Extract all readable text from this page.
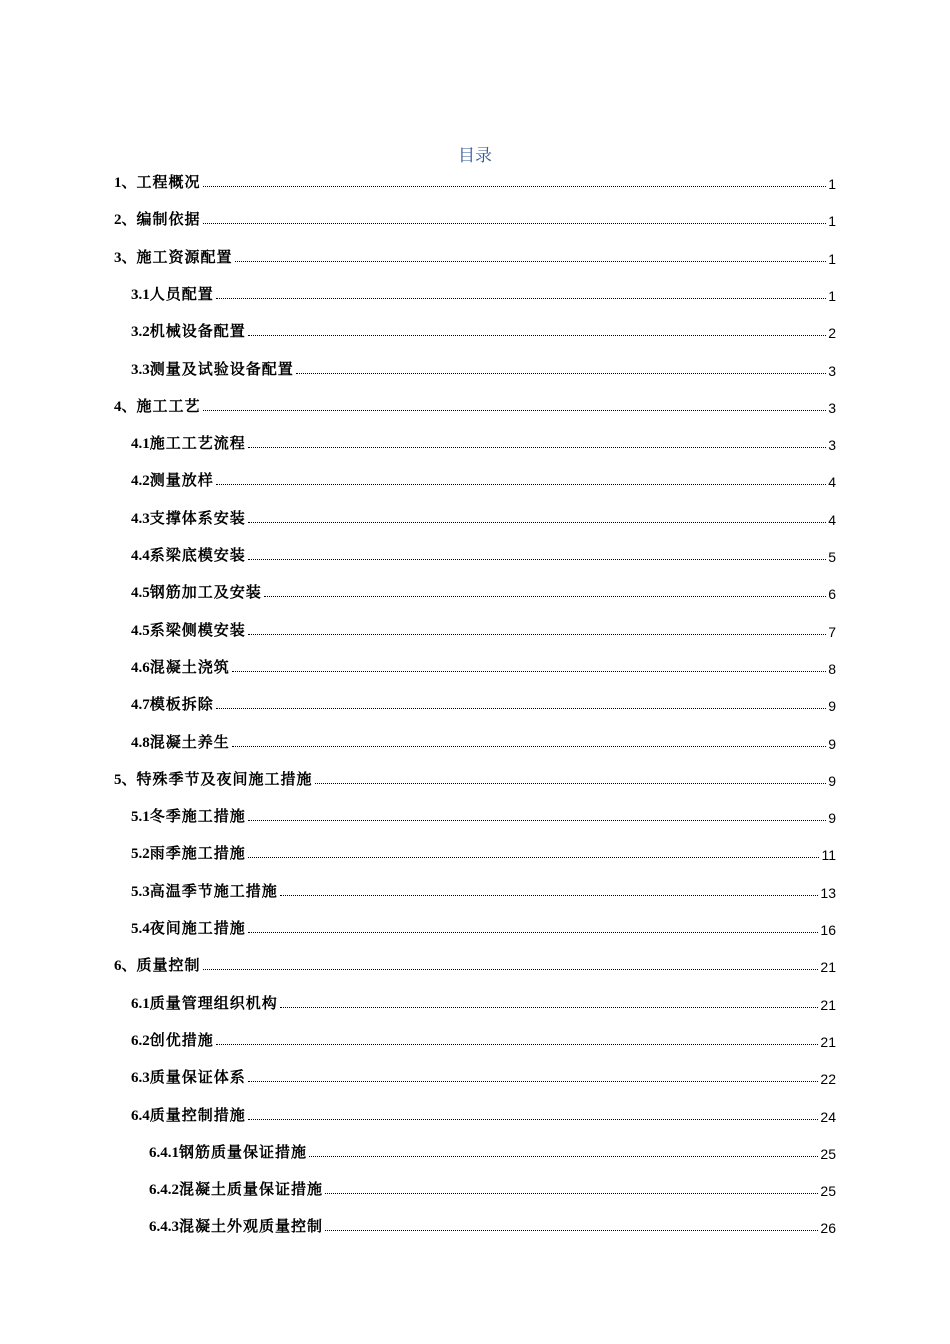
目录
1、工程概况	1
2、编制依据	1
3、施工资源配置	1
3.1人员配置	1
3.2机械设备配置	2
3.3测量及试验设备配置	3
4、施工工艺	3
4.1施工工艺流程	3
4.2测量放样	4
4.3支撑体系安装	4
4.4系梁底模安装	5
4.5钢筋加工及安装	6
4.5系梁侧模安装	7
4.6混凝土浇筑	8
4.7模板拆除	9
4.8混凝土养生	9
5、特殊季节及夜间施工措施	9
5.1冬季施工措施	9
5.2雨季施工措施	11
5.3高温季节施工措施	13
5.4夜间施工措施	16
6、质量控制	21
6.1质量管理组织机构	21
6.2创优措施	21
6.3质量保证体系	22
6.4质量控制措施	24
6.4.1钢筋质量保证措施	25
6.4.2混凝土质量保证措施	25
6.4.3混凝土外观质量控制	26
